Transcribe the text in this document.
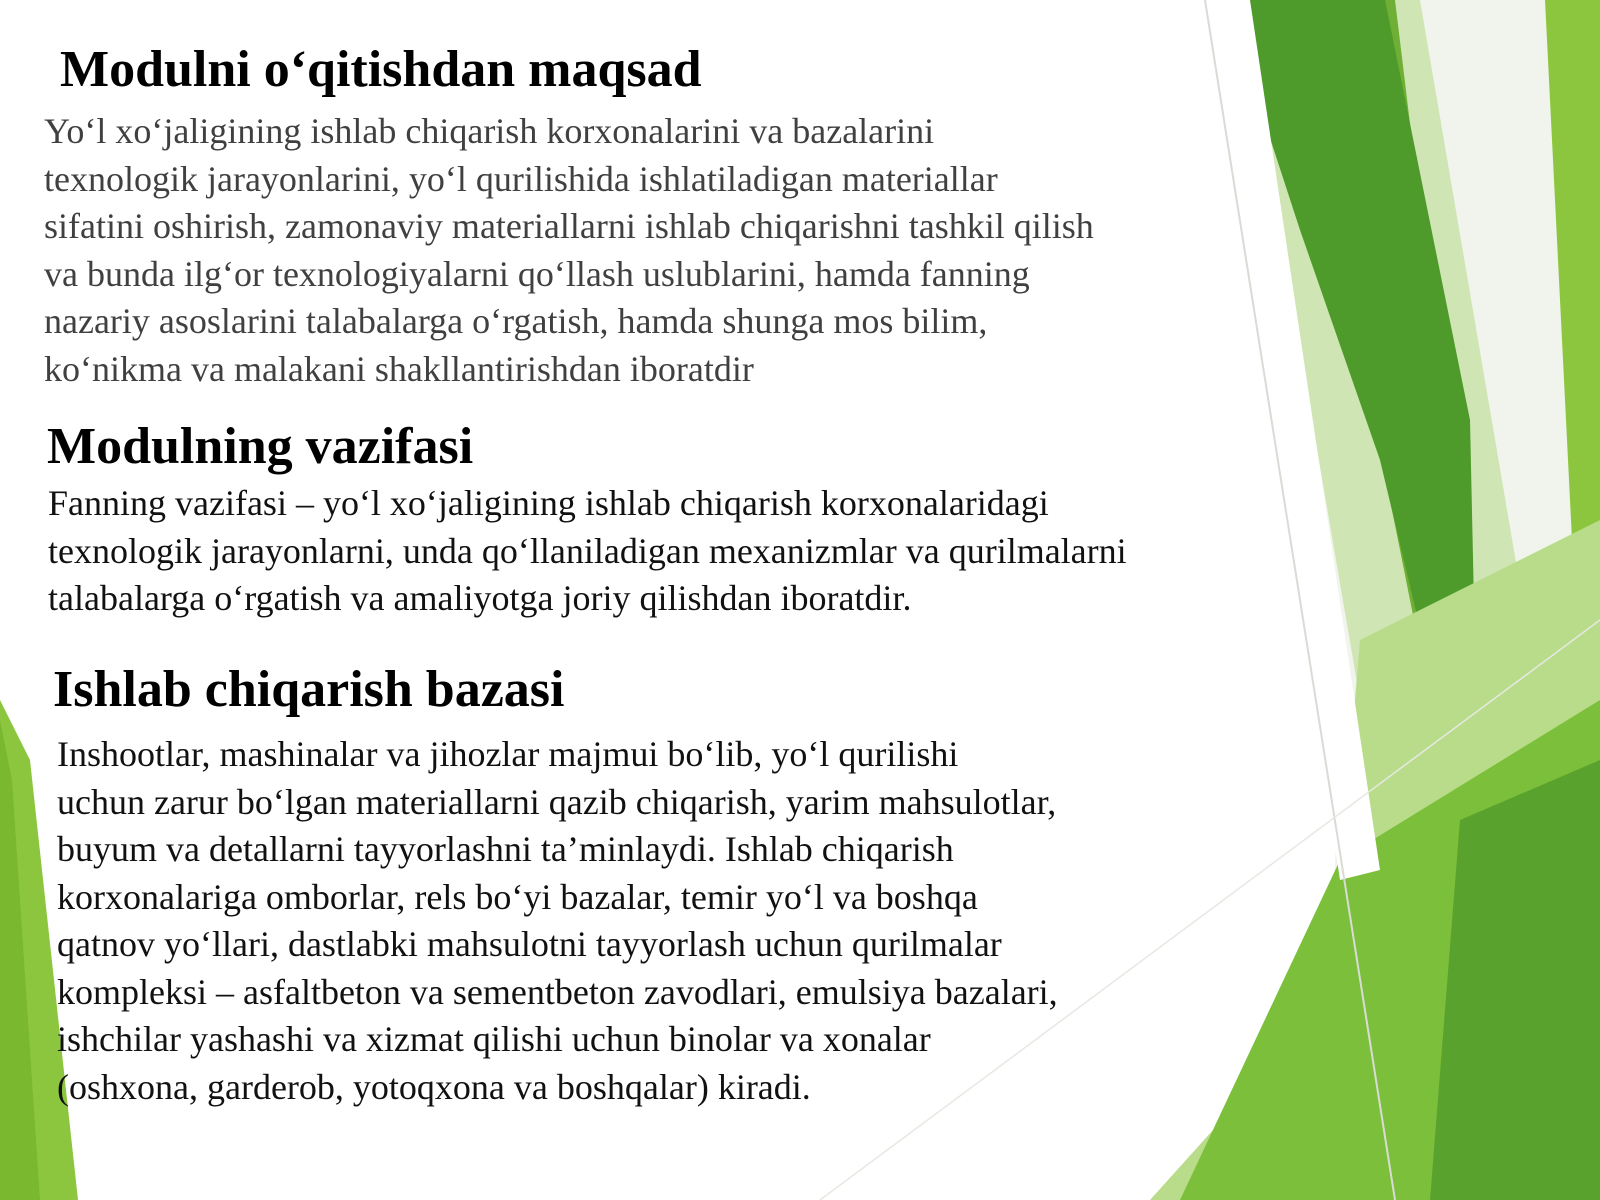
Modulni o‘qitishdan maqsad
Yo‘l xo‘jaligining ishlab chiqarish korxonalarini va bazalarini
texnologik jarayonlarini, yo‘l qurilishida ishlatiladigan materiallar
sifatini oshirish, zamonaviy materiallarni ishlab chiqarishni tashkil qilish
va bunda ilg‘or texnologiyalarni qo‘llash uslublarini, hamda fanning
nazariy asoslarini talabalarga o‘rgatish, hamda shunga mos bilim,
ko‘nikma va malakani shakllantirishdan iboratdir
Modulning vazifasi
Fanning vazifasi – yo‘l xo‘jaligining ishlab chiqarish korxonalaridagi
texnologik jarayonlarni, unda qo‘llaniladigan mexanizmlar va qurilmalarni
talabalarga o‘rgatish va amaliyotga joriy qilishdan iboratdir.
Ishlab chiqarish bazasi
Inshootlar, mashinalar va jihozlar majmui bo‘lib, yo‘l qurilishi
uchun zarur bo‘lgan materiallarni qazib chiqarish, yarim mahsulotlar,
buyum va detallarni tayyorlashni ta’minlaydi. Ishlab chiqarish
korxonalariga omborlar, rels bo‘yi bazalar, temir yo‘l va boshqa
qatnov yo‘llari, dastlabki mahsulotni tayyorlash uchun qurilmalar
kompleksi – asfaltbeton va sementbeton zavodlari, emulsiya bazalari,
ishchilar yashashi va xizmat qilishi uchun binolar va xonalar
(oshxona, garderob, yotoqxona va boshqalar) kiradi.
